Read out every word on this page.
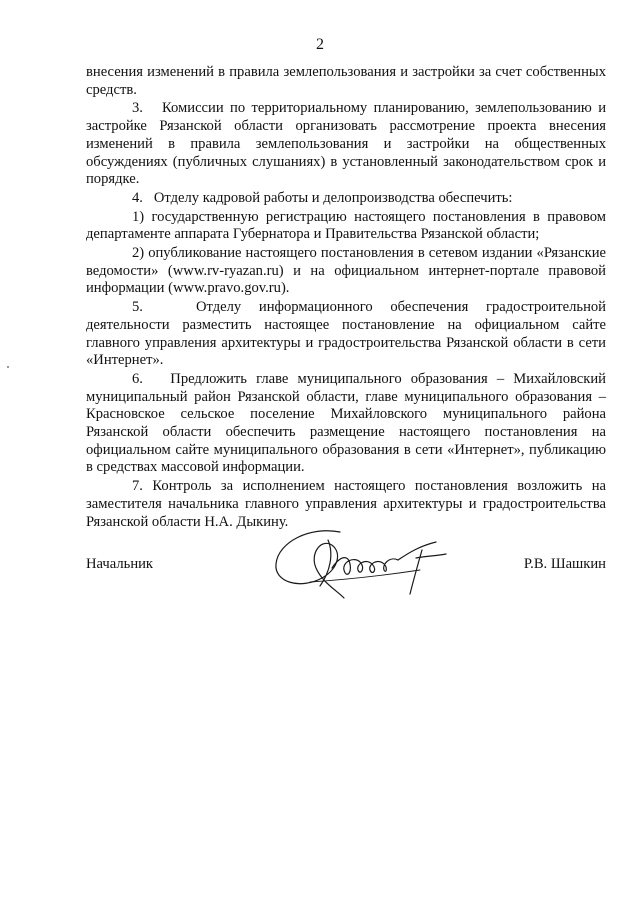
2

внесения изменений в правила землепользования и застройки за счет собственных средств.

3.   Комиссии по территориальному планированию, землепользованию и застройке Рязанской области организовать рассмотрение проекта внесения изменений в правила землепользования и застройки на общественных обсуждениях (публичных слушаниях) в установленный законодательством срок и порядке.

4.   Отделу кадровой работы и делопроизводства обеспечить:

1) государственную регистрацию настоящего постановления в правовом департаменте аппарата Губернатора и Правительства Рязанской области;

2) опубликование настоящего постановления в сетевом издании «Рязанские ведомости» (www.rv-ryazan.ru) и на официальном интернет-портале правовой информации (www.pravo.gov.ru).

5.   Отделу информационного обеспечения градостроительной деятельности разместить настоящее постановление на официальном сайте главного управления архитектуры и градостроительства Рязанской области в сети «Интернет».

6.   Предложить главе муниципального образования – Михайловский муниципальный район Рязанской области, главе муниципального образования – Красновское сельское поселение Михайловского муниципального района Рязанской области обеспечить размещение настоящего постановления на официальном сайте муниципального образования в сети «Интернет», публикацию в средствах массовой информации.

7. Контроль за исполнением настоящего постановления возложить на заместителя начальника главного управления архитектуры и градостроительства Рязанской области Н.А. Дыкину.

Начальник	Р.В. Шашкин
